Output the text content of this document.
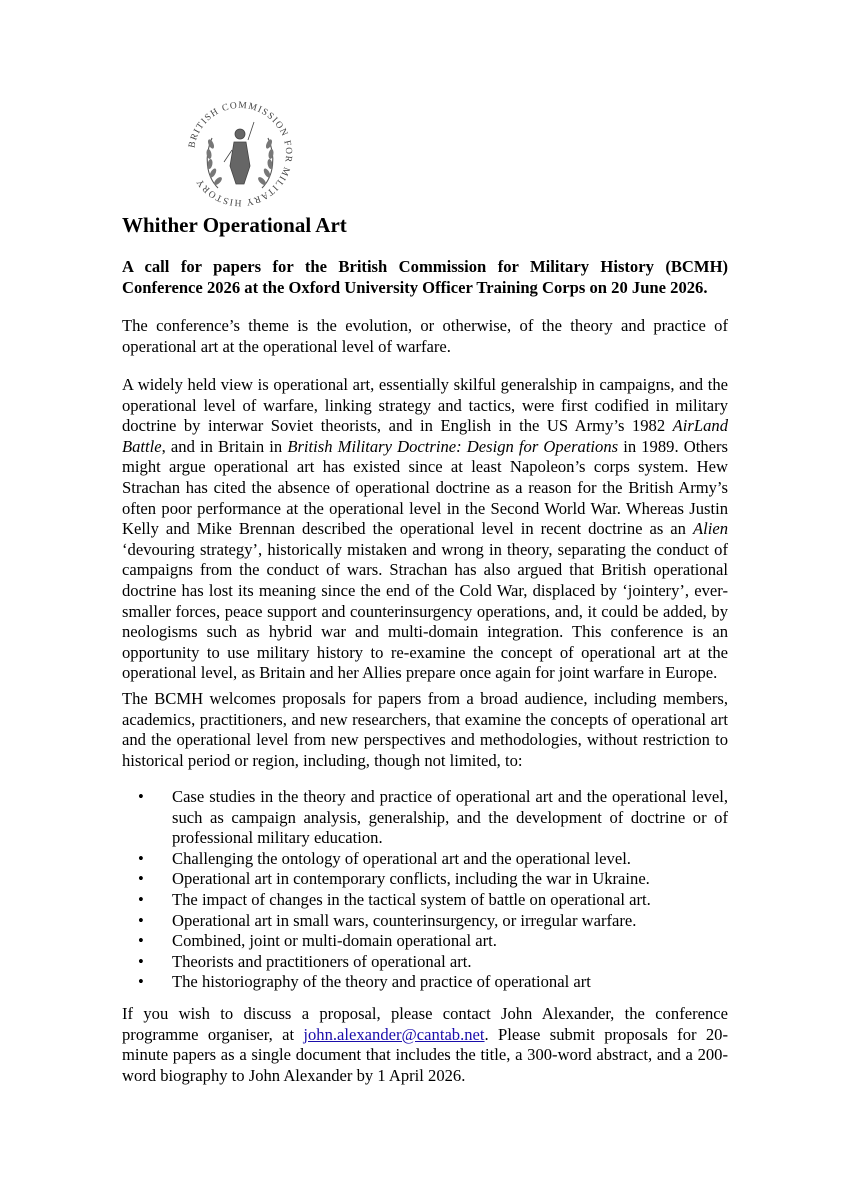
BRITISH COMMISSION FOR MILITARY HISTORY
Whither Operational Art

A call for papers for the British Commission for Military History (BCMH) Conference 2026 at the Oxford University Officer Training Corps on 20 June 2026.

The conference’s theme is the evolution, or otherwise, of the theory and practice of operational art at the operational level of warfare.

A widely held view is operational art, essentially skilful generalship in campaigns, and the operational level of warfare, linking strategy and tactics, were first codified in military doctrine by interwar Soviet theorists, and in English in the US Army’s 1982 AirLand Battle, and in Britain in British Military Doctrine: Design for Operations in 1989. Others might argue operational art has existed since at least Napoleon’s corps system. Hew Strachan has cited the absence of operational doctrine as a reason for the British Army’s often poor performance at the operational level in the Second World War. Whereas Justin Kelly and Mike Brennan described the operational level in recent doctrine as an Alien ‘devouring strategy’, historically mistaken and wrong in theory, separating the conduct of campaigns from the conduct of wars. Strachan has also argued that British operational doctrine has lost its meaning since the end of the Cold War, displaced by ‘jointery’, ever-smaller forces, peace support and counterinsurgency operations, and, it could be added, by neologisms such as hybrid war and multi-domain integration. This conference is an opportunity to use military history to re-examine the concept of operational art at the operational level, as Britain and her Allies prepare once again for joint warfare in Europe.

The BCMH welcomes proposals for papers from a broad audience, including members, academics, practitioners, and new researchers, that examine the concepts of operational art and the operational level from new perspectives and methodologies, without restriction to historical period or region, including, though not limited, to:

• Case studies in the theory and practice of operational art and the operational level, such as campaign analysis, generalship, and the development of doctrine or of professional military education.
• Challenging the ontology of operational art and the operational level.
• Operational art in contemporary conflicts, including the war in Ukraine.
• The impact of changes in the tactical system of battle on operational art.
• Operational art in small wars, counterinsurgency, or irregular warfare.
• Combined, joint or multi-domain operational art.
• Theorists and practitioners of operational art.
• The historiography of the theory and practice of operational art

If you wish to discuss a proposal, please contact John Alexander, the conference programme organiser, at john.alexander@cantab.net. Please submit proposals for 20-minute papers as a single document that includes the title, a 300-word abstract, and a 200-word biography to John Alexander by 1 April 2026.
